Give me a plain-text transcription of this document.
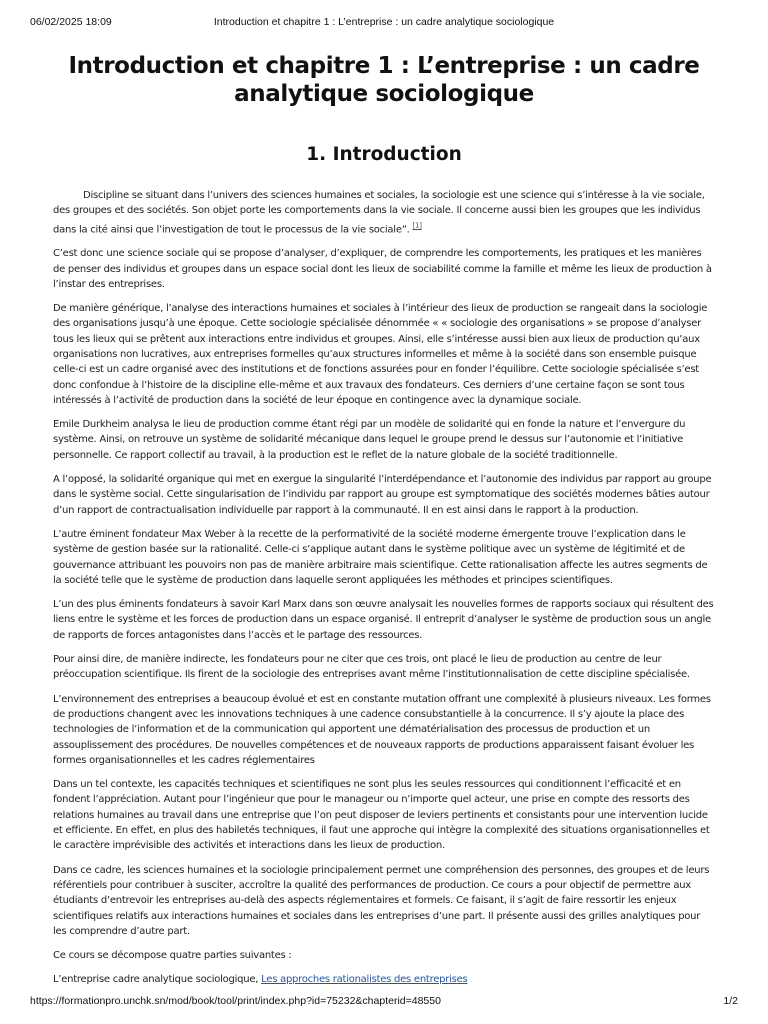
06/02/2025 18:09	Introduction et chapitre 1 : L’entreprise : un cadre analytique sociologique
Introduction et chapitre 1 : L’entreprise : un cadre analytique sociologique
1. Introduction

Discipline se situant dans l’univers des sciences humaines et sociales, la sociologie est une science qui s’intéresse à la vie sociale, des groupes et des sociétés. Son objet porte les comportements dans la vie sociale. Il concerne aussi bien les groupes que les individus dans la cité ainsi que l’investigation de tout le processus de la vie sociale”. [1]

C’est donc une science sociale qui se propose d’analyser, d’expliquer, de comprendre les comportements, les pratiques et les manières de penser des individus et groupes dans un espace social dont les lieux de sociabilité comme la famille et même les lieux de production à l’instar des entreprises.

De manière générique, l’analyse des interactions humaines et sociales à l’intérieur des lieux de production se rangeait dans la sociologie des organisations jusqu’à une époque. Cette sociologie spécialisée dénommée « « sociologie des organisations » se propose d’analyser tous les lieux qui se prêtent aux interactions entre individus et groupes. Ainsi, elle s’intéresse aussi bien aux lieux de production qu’aux organisations non lucratives, aux entreprises formelles qu’aux structures informelles et même à la société dans son ensemble puisque celle-ci est un cadre organisé avec des institutions et de fonctions assurées pour en fonder l’équilibre. Cette sociologie spécialisée s’est donc confondue à l’histoire de la discipline elle-même et aux travaux des fondateurs. Ces derniers d’une certaine façon se sont tous intéressés à l’activité de production dans la société de leur époque en contingence avec la dynamique sociale.

Emile Durkheim analysa le lieu de production comme étant régi par un modèle de solidarité qui en fonde la nature et l’envergure du système. Ainsi, on retrouve un système de solidarité mécanique dans lequel le groupe prend le dessus sur l’autonomie et l’initiative personnelle. Ce rapport collectif au travail, à la production est le reflet de la nature globale de la société traditionnelle.

A l’opposé, la solidarité organique qui met en exergue la singularité l’interdépendance et l’autonomie des individus par rapport au groupe dans le système social. Cette singularisation de l’individu par rapport au groupe est symptomatique des sociétés modernes bâties autour d’un rapport de contractualisation individuelle par rapport à la communauté. Il en est ainsi dans le rapport à la production.

L’autre éminent fondateur Max Weber à la recette de la performativité de la société moderne émergente trouve l’explication dans le système de gestion basée sur la rationalité. Celle-ci s’applique autant dans le système politique avec un système de légitimité et de gouvernance attribuant les pouvoirs non pas de manière arbitraire mais scientifique. Cette rationalisation affecte les autres segments de la société telle que le système de production dans laquelle seront appliquées les méthodes et principes scientifiques.

L’un des plus éminents fondateurs à savoir Karl Marx dans son œuvre analysait les nouvelles formes de rapports sociaux qui résultent des liens entre le système et les forces de production dans un espace organisé. Il entreprit d’analyser le système de production sous un angle de rapports de forces antagonistes dans l’accès et le partage des ressources.

Pour ainsi dire, de manière indirecte, les fondateurs pour ne citer que ces trois, ont placé le lieu de production au centre de leur préoccupation scientifique. Ils firent de la sociologie des entreprises avant même l’institutionnalisation de cette discipline spécialisée.

L’environnement des entreprises a beaucoup évolué et est en constante mutation offrant une complexité à plusieurs niveaux. Les formes de productions changent avec les innovations techniques à une cadence consubstantielle à la concurrence. Il s’y ajoute la place des technologies de l’information et de la communication qui apportent une dématérialisation des processus de production et un assouplissement des procédures. De nouvelles compétences et de nouveaux rapports de productions apparaissent faisant évoluer les formes organisationnelles et les cadres réglementaires

Dans un tel contexte, les capacités techniques et scientifiques ne sont plus les seules ressources qui conditionnent l’efficacité et en fondent l’appréciation. Autant pour l’ingénieur que pour le manageur ou n’importe quel acteur, une prise en compte des ressorts des relations humaines au travail dans une entreprise que l’on peut disposer de leviers pertinents et consistants pour une intervention lucide et efficiente. En effet, en plus des habiletés techniques, il faut une approche qui intègre la complexité des situations organisationnelles et le caractère imprévisible des activités et interactions dans les lieux de production.

Dans ce cadre, les sciences humaines et la sociologie principalement permet une compréhension des personnes, des groupes et de leurs référentiels pour contribuer à susciter, accroître la qualité des performances de production. Ce cours a pour objectif de permettre aux étudiants d’entrevoir les entreprises au-delà des aspects réglementaires et formels. Ce faisant, il s’agit de faire ressortir les enjeux scientifiques relatifs aux interactions humaines et sociales dans les entreprises d’une part. Il présente aussi des grilles analytiques pour les comprendre d’autre part.

Ce cours se décompose quatre parties suivantes :

L’entreprise cadre analytique sociologique, Les approches rationalistes des entreprises

https://formationpro.unchk.sn/mod/book/tool/print/index.php?id=75232&chapterid=48550	1/2
